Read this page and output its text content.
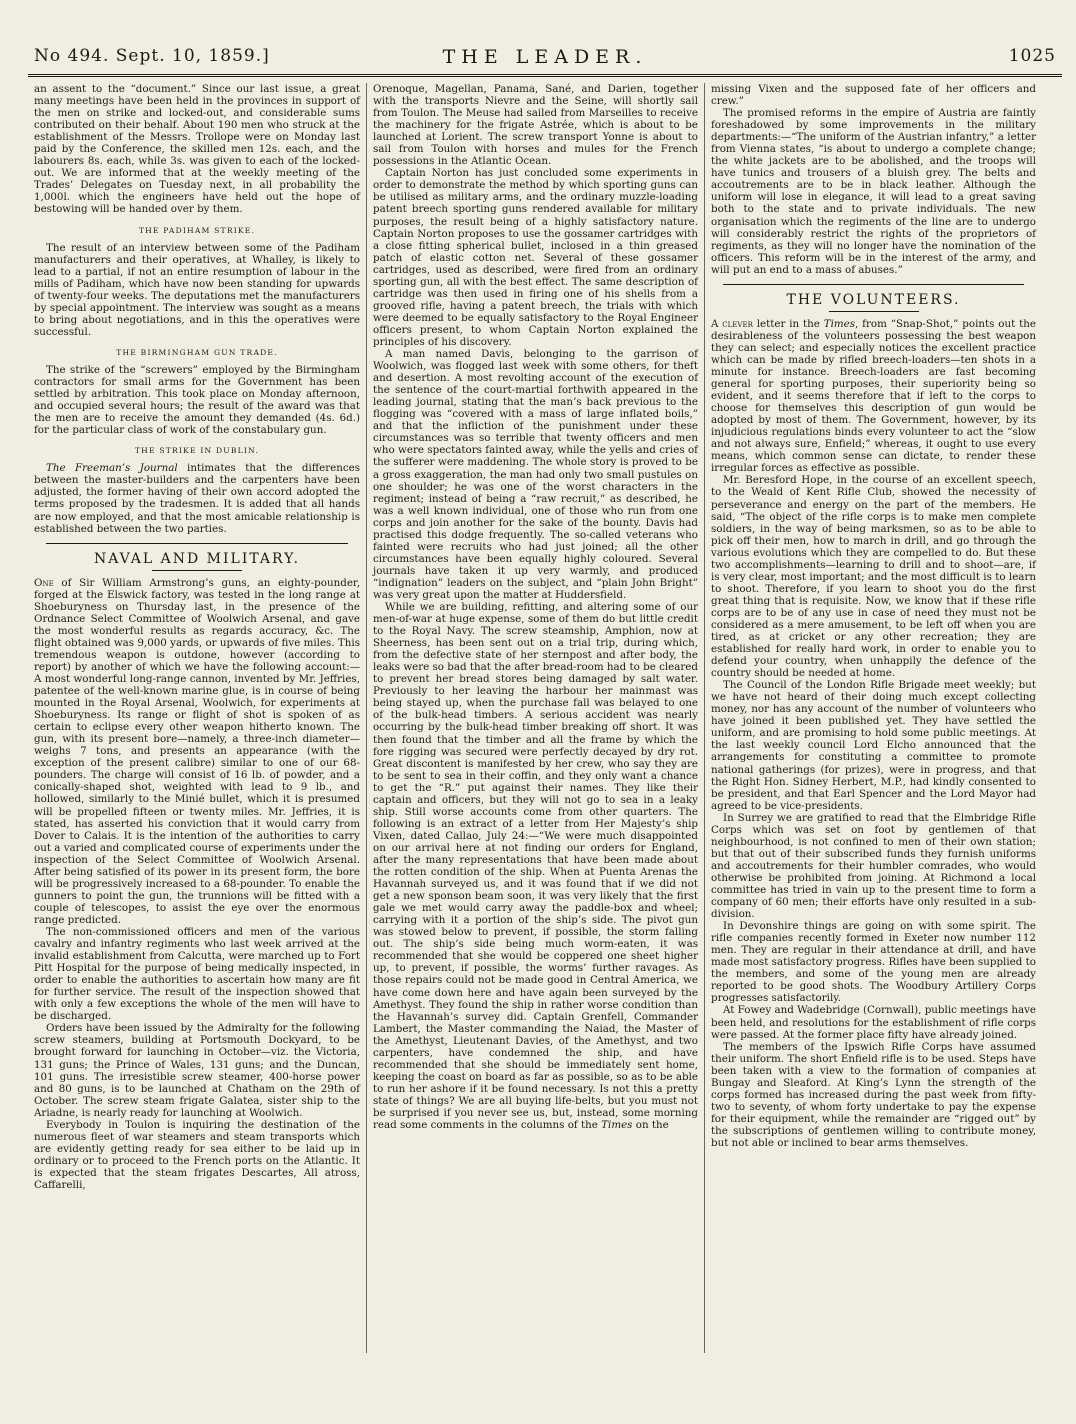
No 494. Sept. 10, 1859.]	THE LEADER.	1025

an assent to the “document.” Since our last issue, a great many meetings have been held in the provinces in support of the men on strike and locked-out, and considerable sums contributed on their behalf. About 190 men who struck at the establishment of the Messrs. Trollope were on Monday last paid by the Conference, the skilled men 12s. each, and the labourers 8s. each, while 3s. was given to each of the locked-out. We are informed that at the weekly meeting of the Trades’ Delegates on Tuesday next, in all probability the 1,000l. which the engineers have held out the hope of bestowing will be handed over by them.

THE PADIHAM STRIKE.

The result of an interview between some of the Padiham manufacturers and their operatives, at Whalley, is likely to lead to a partial, if not an entire resumption of labour in the mills of Padiham, which have now been standing for upwards of twenty-four weeks. The deputations met the manufacturers by special appointment. The interview was sought as a means to bring about negotiations, and in this the operatives were successful.

THE BIRMINGHAM GUN TRADE.

The strike of the “screwers” employed by the Birmingham contractors for small arms for the Government has been settled by arbitration. This took place on Monday afternoon, and occupied several hours; the result of the award was that the men are to receive the amount they demanded (4s. 6d.) for the particular class of work of the constabulary gun.

THE STRIKE IN DUBLIN.

The Freeman’s Journal intimates that the differences between the master-builders and the carpenters have been adjusted, the former having of their own accord adopted the terms proposed by the tradesmen. It is added that all hands are now employed, and that the most amicable relationship is established between the two parties.

NAVAL AND MILITARY.

One of Sir William Armstrong’s guns, an eighty-pounder, forged at the Elswick factory, was tested in the long range at Shoeburyness on Thursday last, in the presence of the Ordnance Select Committee of Woolwich Arsenal, and gave the most wonderful results as regards accuracy, &c. The flight obtained was 9,000 yards, or upwards of five miles. This tremendous weapon is outdone, however (according to report) by another of which we have the following account:—A most wonderful long-range cannon, invented by Mr. Jeffries, patentee of the well-known marine glue, is in course of being mounted in the Royal Arsenal, Woolwich, for experiments at Shoeburyness. Its range or flight of shot is spoken of as certain to eclipse every other weapon hitherto known. The gun, with its present bore—namely, a three-inch diameter—weighs 7 tons, and presents an appearance (with the exception of the present calibre) similar to one of our 68-pounders. The charge will consist of 16 lb. of powder, and a conically-shaped shot, weighted with lead to 9 lb., and hollowed, similarly to the Minié bullet, which it is presumed will be propelled fifteen or twenty miles. Mr. Jeffries, it is stated, has asserted his conviction that it would carry from Dover to Calais. It is the intention of the authorities to carry out a varied and complicated course of experiments under the inspection of the Select Committee of Woolwich Arsenal. After being satisfied of its power in its present form, the bore will be progressively increased to a 68-pounder. To enable the gunners to point the gun, the trunnions will be fitted with a couple of telescopes, to assist the eye over the enormous range predicted.

The non-commissioned officers and men of the various cavalry and infantry regiments who last week arrived at the invalid establishment from Calcutta, were marched up to Fort Pitt Hospital for the purpose of being medically inspected, in order to enable the authorities to ascertain how many are fit for further service. The result of the inspection showed that with only a few exceptions the whole of the men will have to be discharged.

Orders have been issued by the Admiralty for the following screw steamers, building at Portsmouth Dockyard, to be brought forward for launching in October—viz. the Victoria, 131 guns; the Prince of Wales, 131 guns; and the Duncan, 101 guns. The irresistible screw steamer, 400-horse power and 80 guns, is to be launched at Chatham on the 29th of October. The screw steam frigate Galatea, sister ship to the Ariadne, is nearly ready for launching at Woolwich.

Everybody in Toulon is inquiring the destination of the numerous fleet of war steamers and steam transports which are evidently getting ready for sea either to be laid up in ordinary or to proceed to the French ports on the Atlantic. It is expected that the steam frigates Descartes, All atross, Caffarelli,

Orenoque, Magellan, Panama, Sané, and Darien, together with the transports Nievre and the Seine, will shortly sail from Toulon. The Meuse had sailed from Marseilles to receive the machinery for the frigate Astrée, which is about to be launched at Lorient. The screw transport Yonne is about to sail from Toulon with horses and mules for the French possessions in the Atlantic Ocean.

Captain Norton has just concluded some experiments in order to demonstrate the method by which sporting guns can be utilised as military arms, and the ordinary muzzle-loading patent breech sporting guns rendered available for military purposes, the result being of a highly satisfactory nature. Captain Norton proposes to use the gossamer cartridges with a close fitting spherical bullet, inclosed in a thin greased patch of elastic cotton net. Several of these gossamer cartridges, used as described, were fired from an ordinary sporting gun, all with the best effect. The same description of cartridge was then used in firing one of his shells from a grooved rifle, having a patent breech, the trials with which were deemed to be equally satisfactory to the Royal Engineer officers present, to whom Captain Norton explained the principles of his discovery.

A man named Davis, belonging to the garrison of Woolwich, was flogged last week with some others, for theft and desertion. A most revolting account of the execution of the sentence of the court-martial forthwith appeared in the leading journal, stating that the man’s back previous to the flogging was “covered with a mass of large inflated boils,” and that the infliction of the punishment under these circumstances was so terrible that twenty officers and men who were spectators fainted away, while the yells and cries of the sufferer were maddening. The whole story is proved to be a gross exaggeration, the man had only two small pustules on one shoulder; he was one of the worst characters in the regiment; instead of being a “raw recruit,” as described, he was a well known individual, one of those who run from one corps and join another for the sake of the bounty. Davis had practised this dodge frequently. The so-called veterans who fainted were recruits who had just joined; all the other circumstances have been equally highly coloured. Several journals have taken it up very warmly, and produced “indignation” leaders on the subject, and “plain John Bright” was very great upon the matter at Huddersfield.

While we are building, refitting, and altering some of our men-of-war at huge expense, some of them do but little credit to the Royal Navy. The screw steamship, Amphion, now at Sheerness, has been sent out on a trial trip, during which, from the defective state of her sternpost and after body, the leaks were so bad that the after bread-room had to be cleared to prevent her bread stores being damaged by salt water. Previously to her leaving the harbour her mainmast was being stayed up, when the purchase fall was belayed to one of the bulk-head timbers. A serious accident was nearly occurring by the bulk-head timber breaking off short. It was then found that the timber and all the frame by which the fore rigging was secured were perfectly decayed by dry rot. Great discontent is manifested by her crew, who say they are to be sent to sea in their coffin, and they only want a chance to get the “R.” put against their names. They like their captain and officers, but they will not go to sea in a leaky ship. Still worse accounts come from other quarters. The following is an extract of a letter from Her Majesty’s ship Vixen, dated Callao, July 24:—“We were much disappointed on our arrival here at not finding our orders for England, after the many representations that have been made about the rotten condition of the ship. When at Puenta Arenas the Havannah surveyed us, and it was found that if we did not get a new sponson beam soon, it was very likely that the first gale we met would carry away the paddle-box and wheel; carrying with it a portion of the ship’s side. The pivot gun was stowed below to prevent, if possible, the storm falling out. The ship’s side being much worm-eaten, it was recommended that she would be coppered one sheet higher up, to prevent, if possible, the worms’ further ravages. As those repairs could not be made good in Central America, we have come down here and have again been surveyed by the Amethyst. They found the ship in rather worse condition than the Havannah’s survey did. Captain Grenfell, Commander Lambert, the Master commanding the Naiad, the Master of the Amethyst, Lieutenant Davies, of the Amethyst, and two carpenters, have condemned the ship, and have recommended that she should be immediately sent home, keeping the coast on board as far as possible, so as to be able to run her ashore if it be found necessary. Is not this a pretty state of things? We are all buying life-belts, but you must not be surprised if you never see us, but, instead, some morning read some comments in the columns of the Times on the

missing Vixen and the supposed fate of her officers and crew.”

The promised reforms in the empire of Austria are faintly foreshadowed by some improvements in the military departments:—“The uniform of the Austrian infantry,” a letter from Vienna states, “is about to undergo a complete change; the white jackets are to be abolished, and the troops will have tunics and trousers of a bluish grey. The belts and accoutrements are to be in black leather. Although the uniform will lose in elegance, it will lead to a great saving both to the state and to private individuals. The new organisation which the regiments of the line are to undergo will considerably restrict the rights of the proprietors of regiments, as they will no longer have the nomination of the officers. This reform will be in the interest of the army, and will put an end to a mass of abuses.”

THE VOLUNTEERS.

A clever letter in the Times, from “Snap-Shot,” points out the desirableness of the volunteers possessing the best weapon they can select; and especially notices the excellent practice which can be made by rifled breech-loaders—ten shots in a minute for instance. Breech-loaders are fast becoming general for sporting purposes, their superiority being so evident, and it seems therefore that if left to the corps to choose for themselves this description of gun would be adopted by most of them. The Government, however, by its injudicious regulations binds every volunteer to act the “slow and not always sure, Enfield;” whereas, it ought to use every means, which common sense can dictate, to render these irregular forces as effective as possible.

Mr. Beresford Hope, in the course of an excellent speech, to the Weald of Kent Rifle Club, showed the necessity of perseverance and energy on the part of the members. He said, “The object of the rifle corps is to make men complete soldiers, in the way of being marksmen, so as to be able to pick off their men, how to march in drill, and go through the various evolutions which they are compelled to do. But these two accomplishments—learning to drill and to shoot—are, if is very clear, most important; and the most difficult is to learn to shoot. Therefore, if you learn to shoot you do the first great thing that is requisite. Now, we know that if these rifle corps are to be of any use in case of need they must not be considered as a mere amusement, to be left off when you are tired, as at cricket or any other recreation; they are established for really hard work, in order to enable you to defend your country, when unhappily the defence of the country should be needed at home.

The Council of the London Rifle Brigade meet weekly; but we have not heard of their doing much except collecting money, nor has any account of the number of volunteers who have joined it been published yet. They have settled the uniform, and are promising to hold some public meetings. At the last weekly council Lord Elcho announced that the arrangements for constituting a committee to promote national gatherings (for prizes), were in progress, and that the Right Hon. Sidney Herbert, M.P., had kindly consented to be president, and that Earl Spencer and the Lord Mayor had agreed to be vice-presidents.

In Surrey we are gratified to read that the Elmbridge Rifle Corps which was set on foot by gentlemen of that neighbourhood, is not confined to men of their own station; but that out of their subscribed funds they furnish uniforms and accoutrements for their humbler comrades, who would otherwise be prohibited from joining. At Richmond a local committee has tried in vain up to the present time to form a company of 60 men; their efforts have only resulted in a sub-division.

In Devonshire things are going on with some spirit. The rifle companies recently formed in Exeter now number 112 men. They are regular in their attendance at drill, and have made most satisfactory progress. Rifles have been supplied to the members, and some of the young men are already reported to be good shots. The Woodbury Artillery Corps progresses satisfactorily.

At Fowey and Wadebridge (Cornwall), public meetings have been held, and resolutions for the establishment of rifle corps were passed. At the former place fifty have already joined.

The members of the Ipswich Rifle Corps have assumed their uniform. The short Enfield rifle is to be used. Steps have been taken with a view to the formation of companies at Bungay and Sleaford. At King’s Lynn the strength of the corps formed has increased during the past week from fifty-two to seventy, of whom forty undertake to pay the expense for their equipment, while the remainder are “rigged out” by the subscriptions of gentlemen willing to contribute money, but not able or inclined to bear arms themselves.
